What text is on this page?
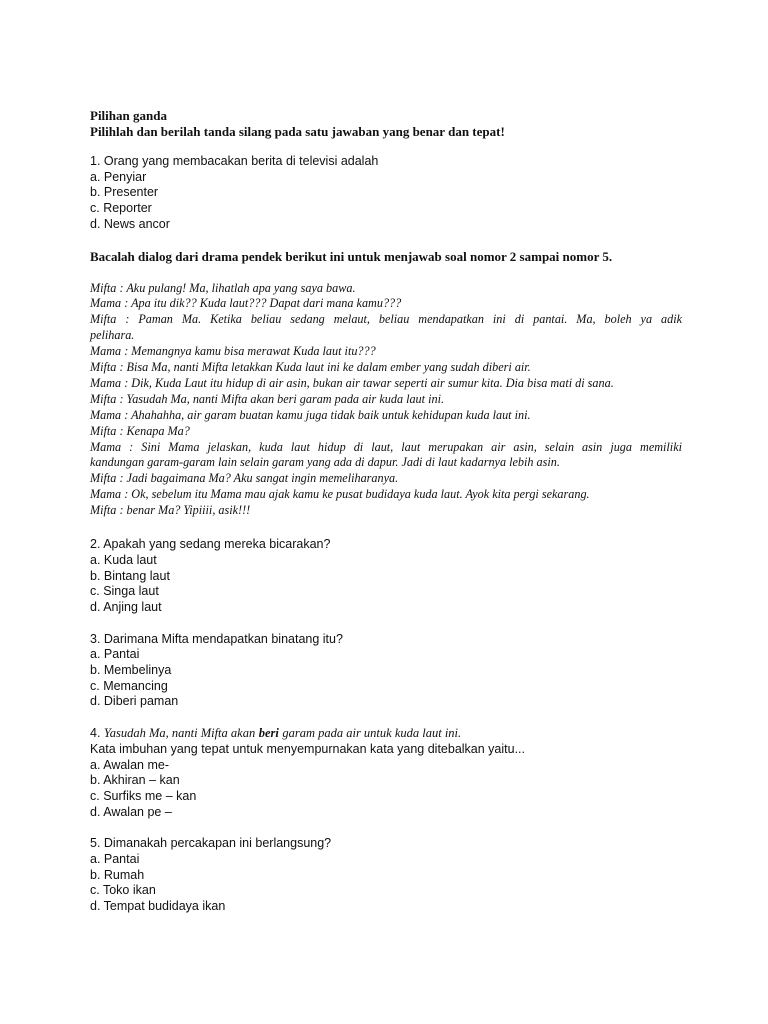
Pilihan ganda
Pilihlah dan berilah tanda silang pada satu jawaban yang benar dan tepat!
1. Orang yang membacakan berita di televisi adalah
a. Penyiar
b. Presenter
c. Reporter
d. News ancor
Bacalah dialog dari drama pendek berikut ini untuk menjawab soal nomor 2 sampai nomor 5.
Mifta : Aku pulang! Ma, lihatlah apa yang saya bawa.
Mama : Apa itu dik?? Kuda laut??? Dapat dari mana kamu???
Mifta : Paman Ma. Ketika beliau sedang melaut, beliau mendapatkan ini di pantai. Ma, boleh ya adik
pelihara.
Mama : Memangnya kamu bisa merawat Kuda laut itu???
Mifta : Bisa Ma, nanti Mifta letakkan Kuda laut ini ke dalam ember yang sudah diberi air.
Mama : Dik, Kuda Laut itu hidup di air asin, bukan air tawar seperti air sumur kita. Dia bisa mati di sana.
Mifta : Yasudah Ma, nanti Mifta akan beri garam pada air kuda laut ini.
Mama : Ahahahha, air garam buatan kamu juga tidak baik untuk kehidupan kuda laut ini.
Mifta : Kenapa Ma?
Mama : Sini Mama jelaskan, kuda laut hidup di laut, laut merupakan air asin, selain asin juga memiliki
kandungan garam-garam lain selain garam yang ada di dapur. Jadi di laut kadarnya lebih asin.
Mifta : Jadi bagaimana Ma? Aku sangat ingin memeliharanya.
Mama : Ok, sebelum itu Mama mau ajak kamu ke pusat budidaya kuda laut. Ayok kita pergi sekarang.
Mifta : benar Ma? Yipiiii, asik!!!
2. Apakah yang sedang mereka bicarakan?
a. Kuda laut
b. Bintang laut
c. Singa laut
d. Anjing laut
3. Darimana Mifta mendapatkan binatang itu?
a. Pantai
b. Membelinya
c. Memancing
d. Diberi paman
4. Yasudah Ma, nanti Mifta akan beri garam pada air untuk kuda laut ini.
Kata imbuhan yang tepat untuk menyempurnakan kata yang ditebalkan yaitu...
a. Awalan me-
b. Akhiran – kan
c. Surfiks me – kan
d. Awalan pe –
5. Dimanakah percakapan ini berlangsung?
a. Pantai
b. Rumah
c. Toko ikan
d. Tempat budidaya ikan
